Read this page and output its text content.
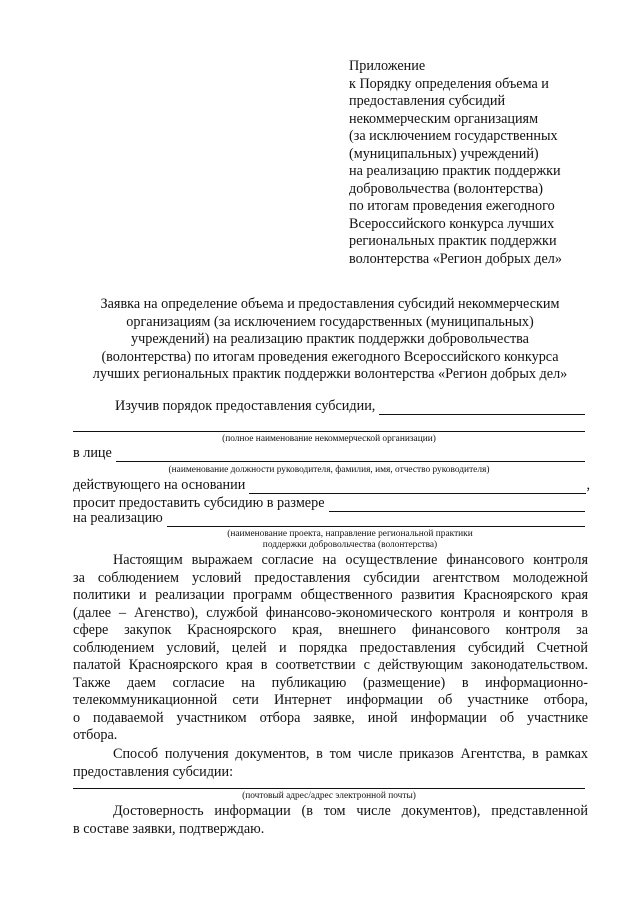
Приложение
к Порядку определения объема и
предоставления субсидий
некоммерческим организациям
(за исключением государственных
(муниципальных) учреждений)
на реализацию практик поддержки
добровольчества (волонтерства)
по итогам проведения ежегодного
Всероссийского конкурса лучших
региональных практик поддержки
волонтерства «Регион добрых дел»
Заявка на определение объема и предоставления субсидий некоммерческим
организациям (за исключением государственных (муниципальных)
учреждений) на реализацию практик поддержки добровольчества
(волонтерства) по итогам проведения ежегодного Всероссийского конкурса
лучших региональных практик поддержки волонтерства «Регион добрых дел»
Изучив порядок предоставления субсидии,
(полное наименование некоммерческой организации)
в лице
(наименование должности руководителя, фамилия, имя, отчество руководителя)
действующего на основании	,
просит предоставить субсидию в размере
на реализацию
(наименование проекта, направление региональной практики
поддержки добровольчества (волонтерства)
Настоящим выражаем согласие на осуществление финансового контроля
за соблюдением условий предоставления субсидии агентством молодежной
политики и реализации программ общественного развития Красноярского края
(далее – Агенство), службой финансово-экономического контроля и контроля в
сфере закупок Красноярского края, внешнего финансового контроля за
соблюдением условий, целей и порядка предоставления субсидий Счетной
палатой Красноярского края в соответствии с действующим законодательством.
Также даем согласие на публикацию (размещение) в информационно-
телекоммуникационной сети Интернет информации об участнике отбора,
о подаваемой участником отбора заявке, иной информации об участнике
отбора.
Способ получения документов, в том числе приказов Агентства, в рамках
предоставления субсидии:
(почтовый адрес/адрес электронной почты)
Достоверность информации (в том числе документов), представленной
в составе заявки, подтверждаю.
